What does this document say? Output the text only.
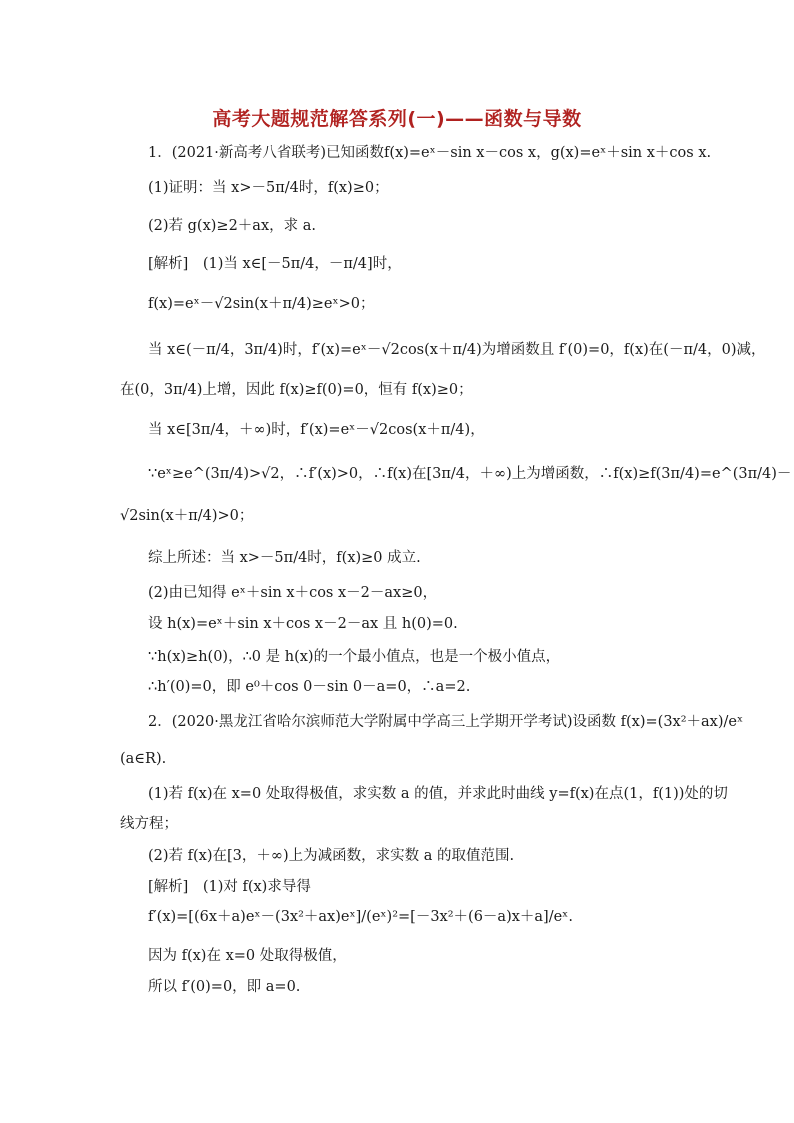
高考大题规范解答系列(一)——函数与导数
1．(2021·新高考八省联考)已知函数f(x)=eˣ－sin x－cos x，g(x)=eˣ＋sin x＋cos x.
(1)证明：当 x>－5π/4时，f(x)≥0；
(2)若 g(x)≥2＋ax，求 a.
[解析]　(1)当 x∈[－5π/4，－π/4]时，
f(x)=eˣ－√2sin(x＋π/4)≥eˣ>0；
当 x∈(－π/4，3π/4)时，f′(x)=eˣ－√2cos(x＋π/4)为增函数且 f′(0)=0，f(x)在(－π/4，0)减，
在(0，3π/4)上增，因此 f(x)≥f(0)=0，恒有 f(x)≥0；
当 x∈[3π/4，＋∞)时，f′(x)=eˣ－√2cos(x＋π/4)，
∵eˣ≥e^(3π/4)>√2，∴f′(x)>0，∴f(x)在[3π/4，＋∞)上为增函数，∴f(x)≥f(3π/4)=e^(3π/4)－
√2sin(x＋π/4)>0；
综上所述：当 x>－5π/4时，f(x)≥0 成立.
(2)由已知得 eˣ＋sin x＋cos x－2－ax≥0，
设 h(x)=eˣ＋sin x＋cos x－2－ax 且 h(0)=0.
∵h(x)≥h(0)，∴0 是 h(x)的一个最小值点，也是一个极小值点，
∴h′(0)=0，即 e⁰＋cos 0－sin 0－a=0，∴a=2.
2．(2020·黑龙江省哈尔滨师范大学附属中学高三上学期开学考试)设函数 f(x)=(3x²＋ax)/eˣ
(a∈R).
(1)若 f(x)在 x=0 处取得极值，求实数 a 的值，并求此时曲线 y=f(x)在点(1，f(1))处的切
线方程；
(2)若 f(x)在[3，＋∞)上为减函数，求实数 a 的取值范围.
[解析]　(1)对 f(x)求导得
f′(x)=[(6x＋a)eˣ－(3x²＋ax)eˣ]/(eˣ)²=[－3x²＋(6－a)x＋a]/eˣ.
因为 f(x)在 x=0 处取得极值，
所以 f′(0)=0，即 a=0.
